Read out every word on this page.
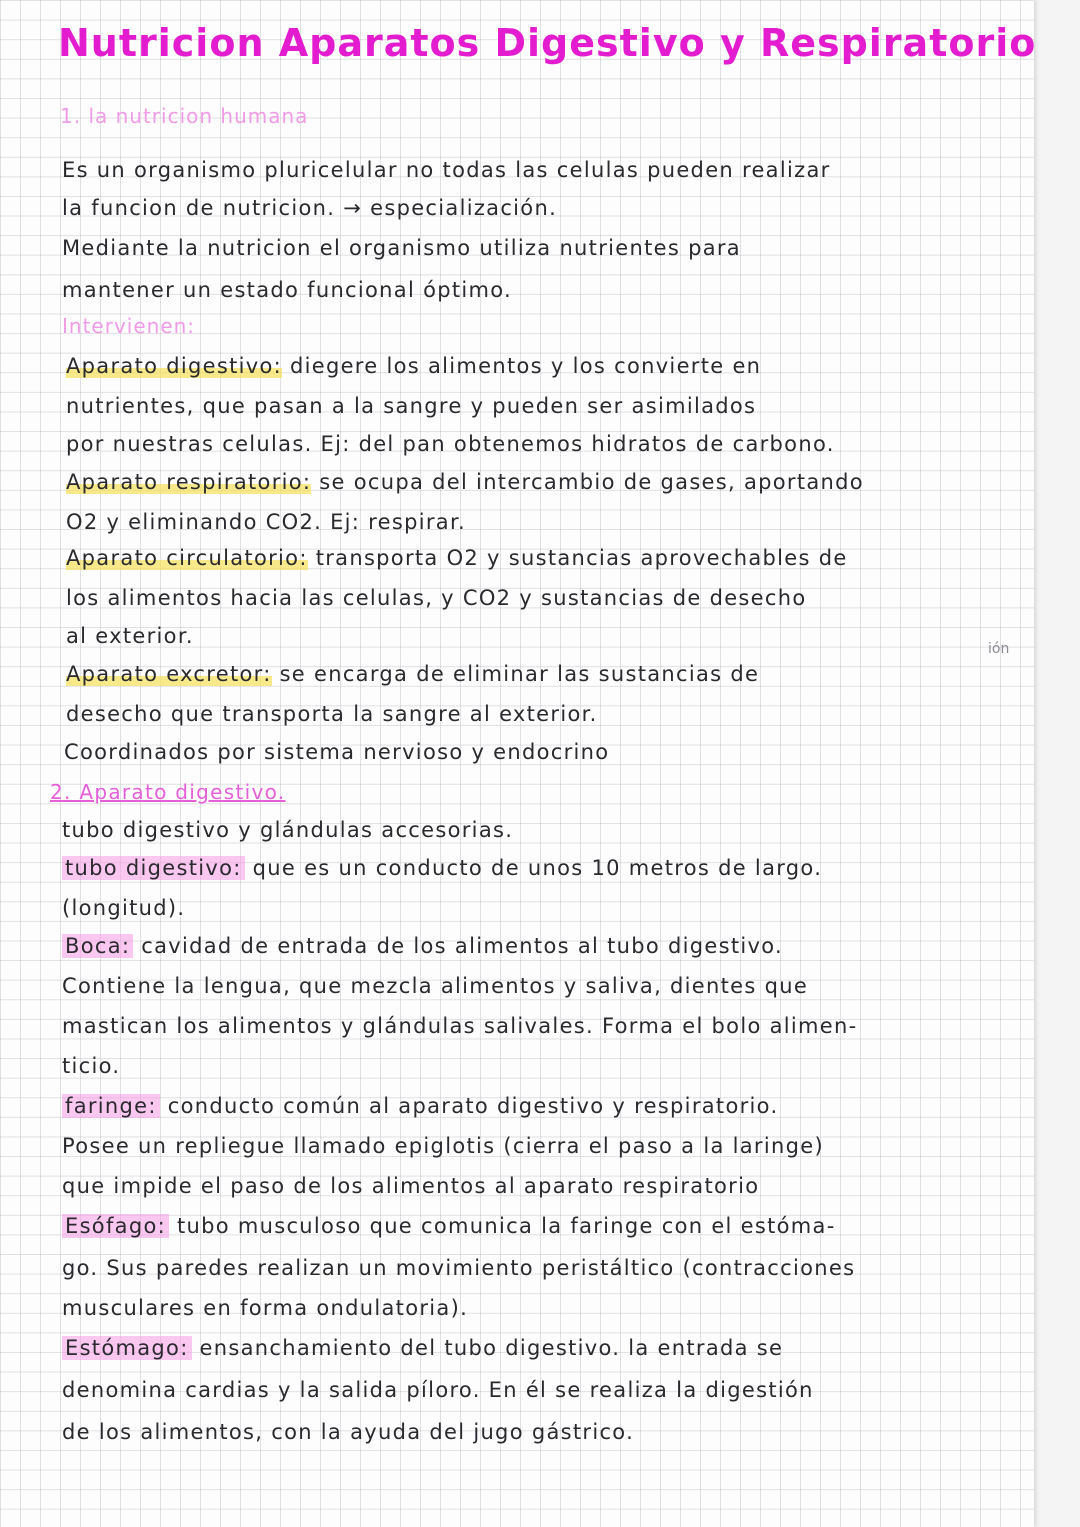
Nutricion Aparatos Digestivo y Respiratorio
1. la nutricion humana
Es un organismo pluricelular no todas las celulas pueden realizar
la funcion de nutricion. → especialización.
Mediante la nutricion el organismo utiliza nutrientes para
mantener un estado funcional óptimo.
Intervienen:
Aparato digestivo: diegere los alimentos y los convierte en
nutrientes, que pasan a la sangre y pueden ser asimilados
por nuestras celulas. Ej: del pan obtenemos hidratos de carbono.
Aparato respiratorio: se ocupa del intercambio de gases, aportando
O2 y eliminando CO2. Ej: respirar.
Aparato circulatorio: transporta O2 y sustancias aprovechables de
los alimentos hacia las celulas, y CO2 y sustancias de desecho
al exterior.
Aparato excretor: se encarga de eliminar las sustancias de
desecho que transporta la sangre al exterior.
Coordinados por sistema nervioso y endocrino
2. Aparato digestivo.
tubo digestivo y glándulas accesorias.
tubo digestivo: que es un conducto de unos 10 metros de largo.
(longitud).
Boca: cavidad de entrada de los alimentos al tubo digestivo.
Contiene la lengua, que mezcla alimentos y saliva, dientes que
mastican los alimentos y glándulas salivales. Forma el bolo alimen-
ticio.
faringe: conducto común al aparato digestivo y respiratorio.
Posee un repliegue llamado epiglotis (cierra el paso a la laringe)
que impide el paso de los alimentos al aparato respiratorio
Esófago: tubo musculoso que comunica la faringe con el estóma-
go. Sus paredes realizan un movimiento peristáltico (contracciones
musculares en forma ondulatoria).
Estómago: ensanchamiento del tubo digestivo. la entrada se
denomina cardias y la salida píloro. En él se realiza la digestión
de los alimentos, con la ayuda del jugo gástrico.
ión
